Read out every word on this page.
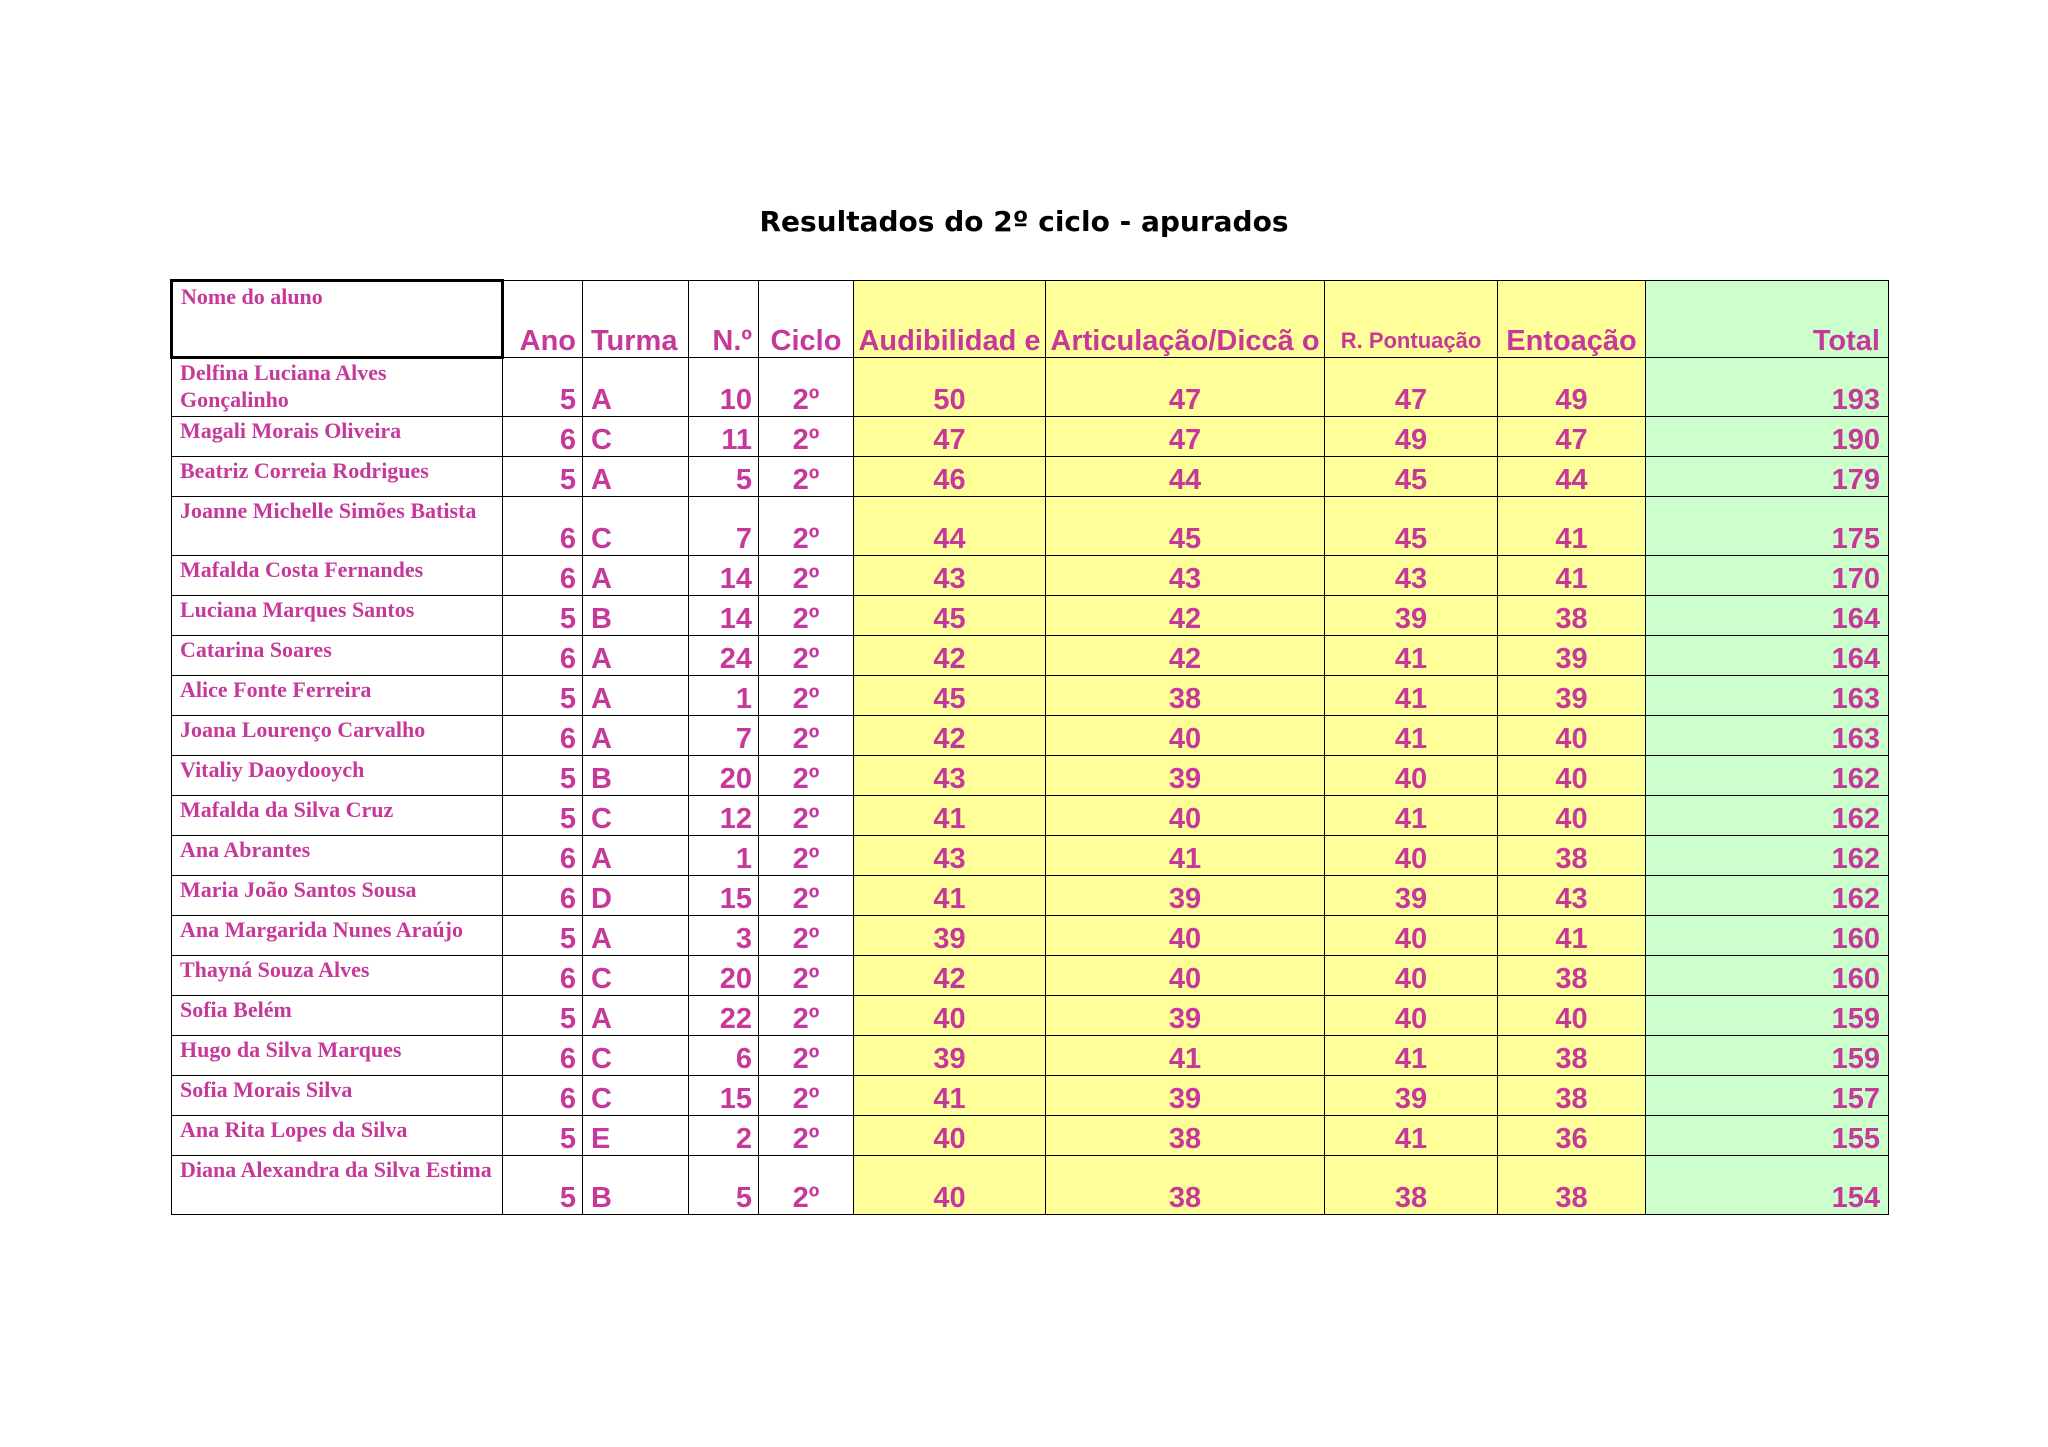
Resultados do 2º ciclo - apurados
Nome do aluno	Ano	Turma	N.º	Ciclo	Audibilidad e	Articulação/Diccã o	R. Pontuação	Entoação	Total
Delfina Luciana Alves Gonçalinho	5	A	10	2º	50	47	47	49	193
Magali Morais Oliveira	6	C	11	2º	47	47	49	47	190
Beatriz Correia Rodrigues	5	A	5	2º	46	44	45	44	179
Joanne Michelle Simões Batista	6	C	7	2º	44	45	45	41	175
Mafalda Costa Fernandes	6	A	14	2º	43	43	43	41	170
Luciana Marques Santos	5	B	14	2º	45	42	39	38	164
Catarina Soares	6	A	24	2º	42	42	41	39	164
Alice Fonte Ferreira	5	A	1	2º	45	38	41	39	163
Joana Lourenço Carvalho	6	A	7	2º	42	40	41	40	163
Vitaliy Daoydooych	5	B	20	2º	43	39	40	40	162
Mafalda da Silva Cruz	5	C	12	2º	41	40	41	40	162
Ana Abrantes	6	A	1	2º	43	41	40	38	162
Maria João Santos Sousa	6	D	15	2º	41	39	39	43	162
Ana Margarida Nunes Araújo	5	A	3	2º	39	40	40	41	160
Thayná Souza Alves	6	C	20	2º	42	40	40	38	160
Sofia Belém	5	A	22	2º	40	39	40	40	159
Hugo da Silva Marques	6	C	6	2º	39	41	41	38	159
Sofia Morais Silva	6	C	15	2º	41	39	39	38	157
Ana Rita Lopes da Silva	5	E	2	2º	40	38	41	36	155
Diana Alexandra da Silva Estima	5	B	5	2º	40	38	38	38	154
